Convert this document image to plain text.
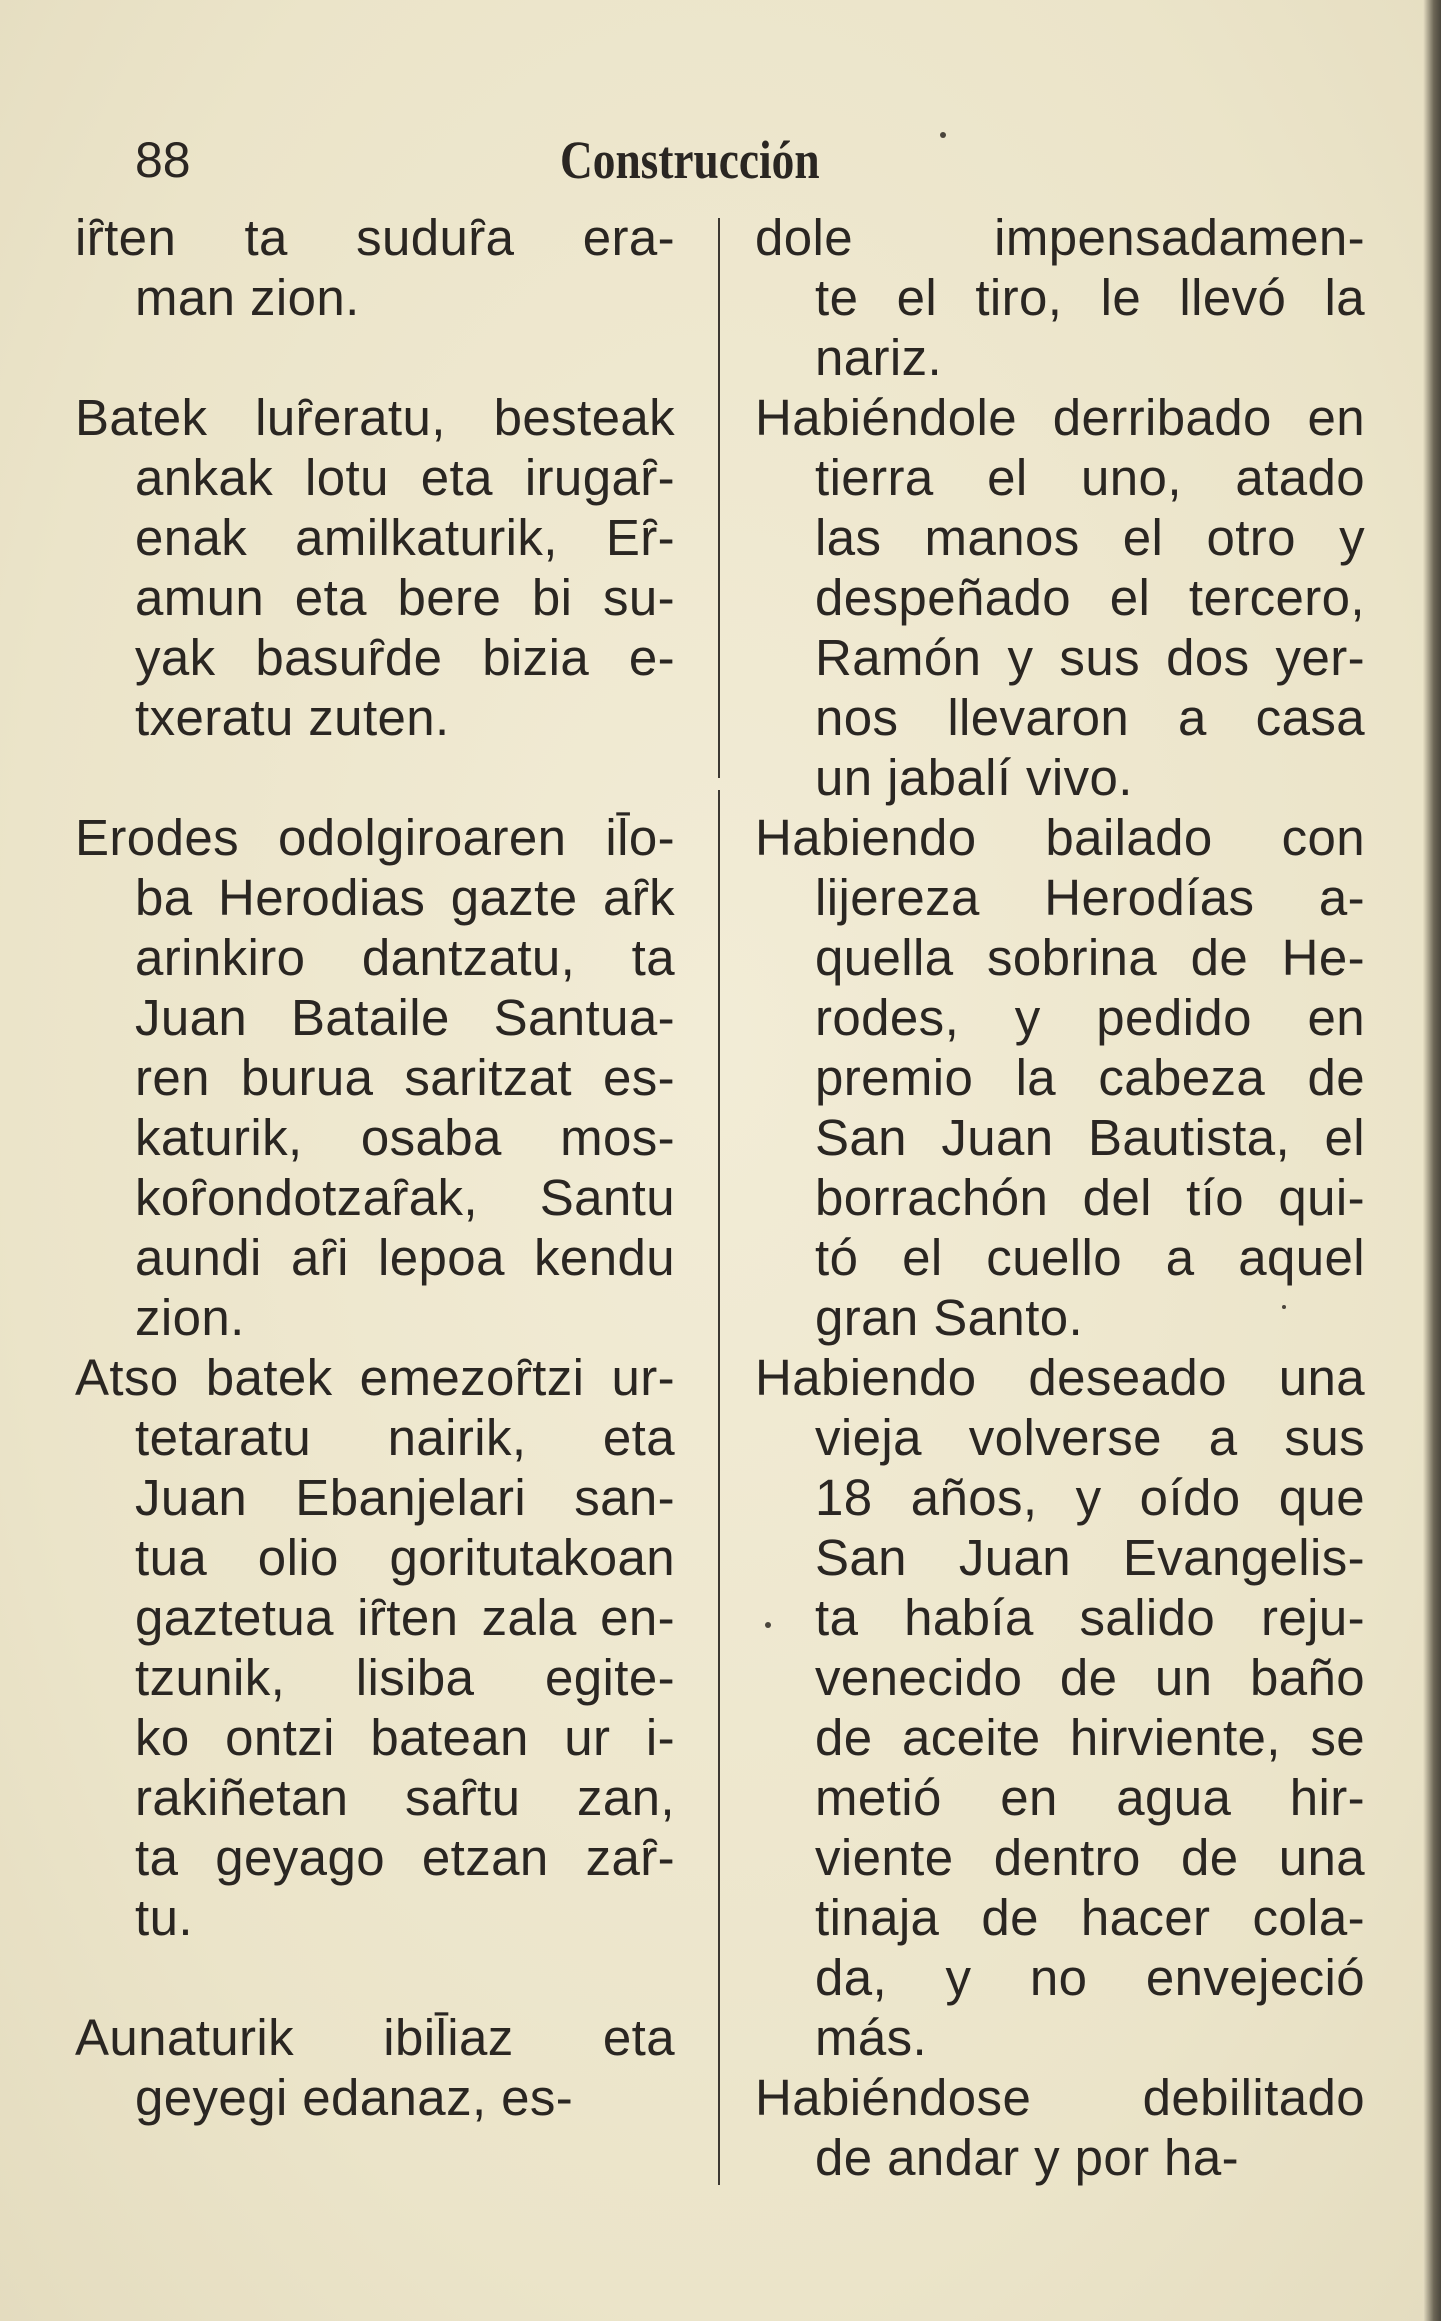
88	Construcción
iȓten ta suduȓa era-
man zion.
Batek luȓeratu, besteak
ankak lotu eta irugaȓ-
enak amilkaturik, Eȓ-
amun eta bere bi su-
yak basuȓde bizia e-
txeratu zuten.
Erodes odolgiroaren il̄o-
ba Herodias gazte aȓk
arinkiro dantzatu, ta
Juan Bataile Santua-
ren burua saritzat es-
katurik, osaba mos-
koȓondotzaȓak, Santu
aundi aȓi lepoa kendu
zion.
Atso batek emezoȓtzi ur-
tetaratu nairik, eta
Juan Ebanjelari san-
tua olio goritutakoan
gaztetua iȓten zala en-
tzunik, lisiba egite-
ko ontzi batean ur i-
rakiñetan saȓtu zan,
ta geyago etzan zaȓ-
tu.
Aunaturik ibil̄iaz eta
geyegi edanaz, es-
dole impensadamen-
te el tiro, le llevó la
nariz.
Habiéndole derribado en
tierra el uno, atado
las manos el otro y
despeñado el tercero,
Ramón y sus dos yer-
nos llevaron a casa
un jabalí vivo.
Habiendo bailado con
lijereza Herodías a-
quella sobrina de He-
rodes, y pedido en
premio la cabeza de
San Juan Bautista, el
borrachón del tío qui-
tó el cuello a aquel
gran Santo.
Habiendo deseado una
vieja volverse a sus
18 años, y oído que
San Juan Evangelis-
ta había salido reju-
venecido de un baño
de aceite hirviente, se
metió en agua hir-
viente dentro de una
tinaja de hacer cola-
da, y no envejeció
más.
Habiéndose debilitado
de andar y por ha-
